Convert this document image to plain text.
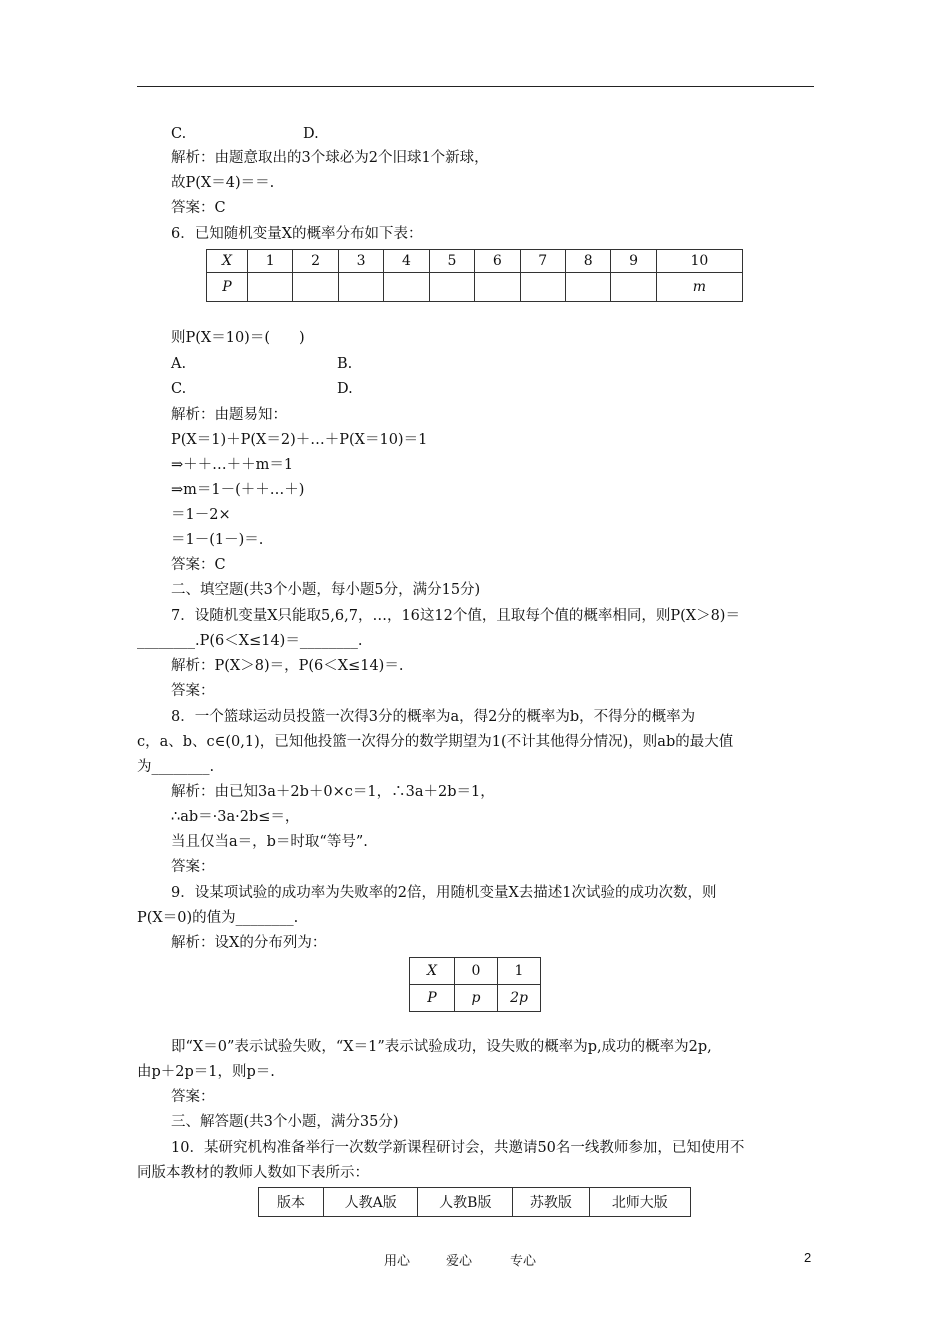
C.	D.
解析：由题意取出的3个球必为2个旧球1个新球，
故P(X＝4)＝＝.
答案：C
6．已知随机变量X的概率分布如下表：
X	1	2	3	4	5	6	7	8	9	10
P										m
则P(X＝10)＝(　　)
A.	B.
C.	D.
解析：由题易知：
P(X＝1)＋P(X＝2)＋…＋P(X＝10)＝1
⇒＋＋…＋＋m＝1
⇒m＝1－(＋＋…＋)
＝1－2×
＝1－(1－)＝.
答案：C
二、填空题(共3个小题，每小题5分，满分15分)
7．设随机变量X只能取5,6,7，…，16这12个值，且取每个值的概率相同，则P(X＞8)＝
________.P(6＜X≤14)＝________.
解析：P(X＞8)＝，P(6＜X≤14)＝.
答案：
8．一个篮球运动员投篮一次得3分的概率为a，得2分的概率为b，不得分的概率为
c，a、b、c∈(0,1)，已知他投篮一次得分的数学期望为1(不计其他得分情况)，则ab的最大值
为________.
解析：由已知3a＋2b＋0×c＝1，∴3a＋2b＝1，
∴ab＝·3a·2b≤＝，
当且仅当a＝，b＝时取“等号”.
答案：
9．设某项试验的成功率为失败率的2倍，用随机变量X去描述1次试验的成功次数，则
P(X＝0)的值为________.
解析：设X的分布列为：
X	0	1
P	p	2p
即“X＝0”表示试验失败，“X＝1”表示试验成功，设失败的概率为p,成功的概率为2p,
由p＋2p＝1，则p＝.
答案：
三、解答题(共3个小题，满分35分)
10．某研究机构准备举行一次数学新课程研讨会，共邀请50名一线教师参加，已知使用不
同版本教材的教师人数如下表所示：
版本	人教A版	人教B版	苏教版	北师大版
用心	爱心	专心	2
